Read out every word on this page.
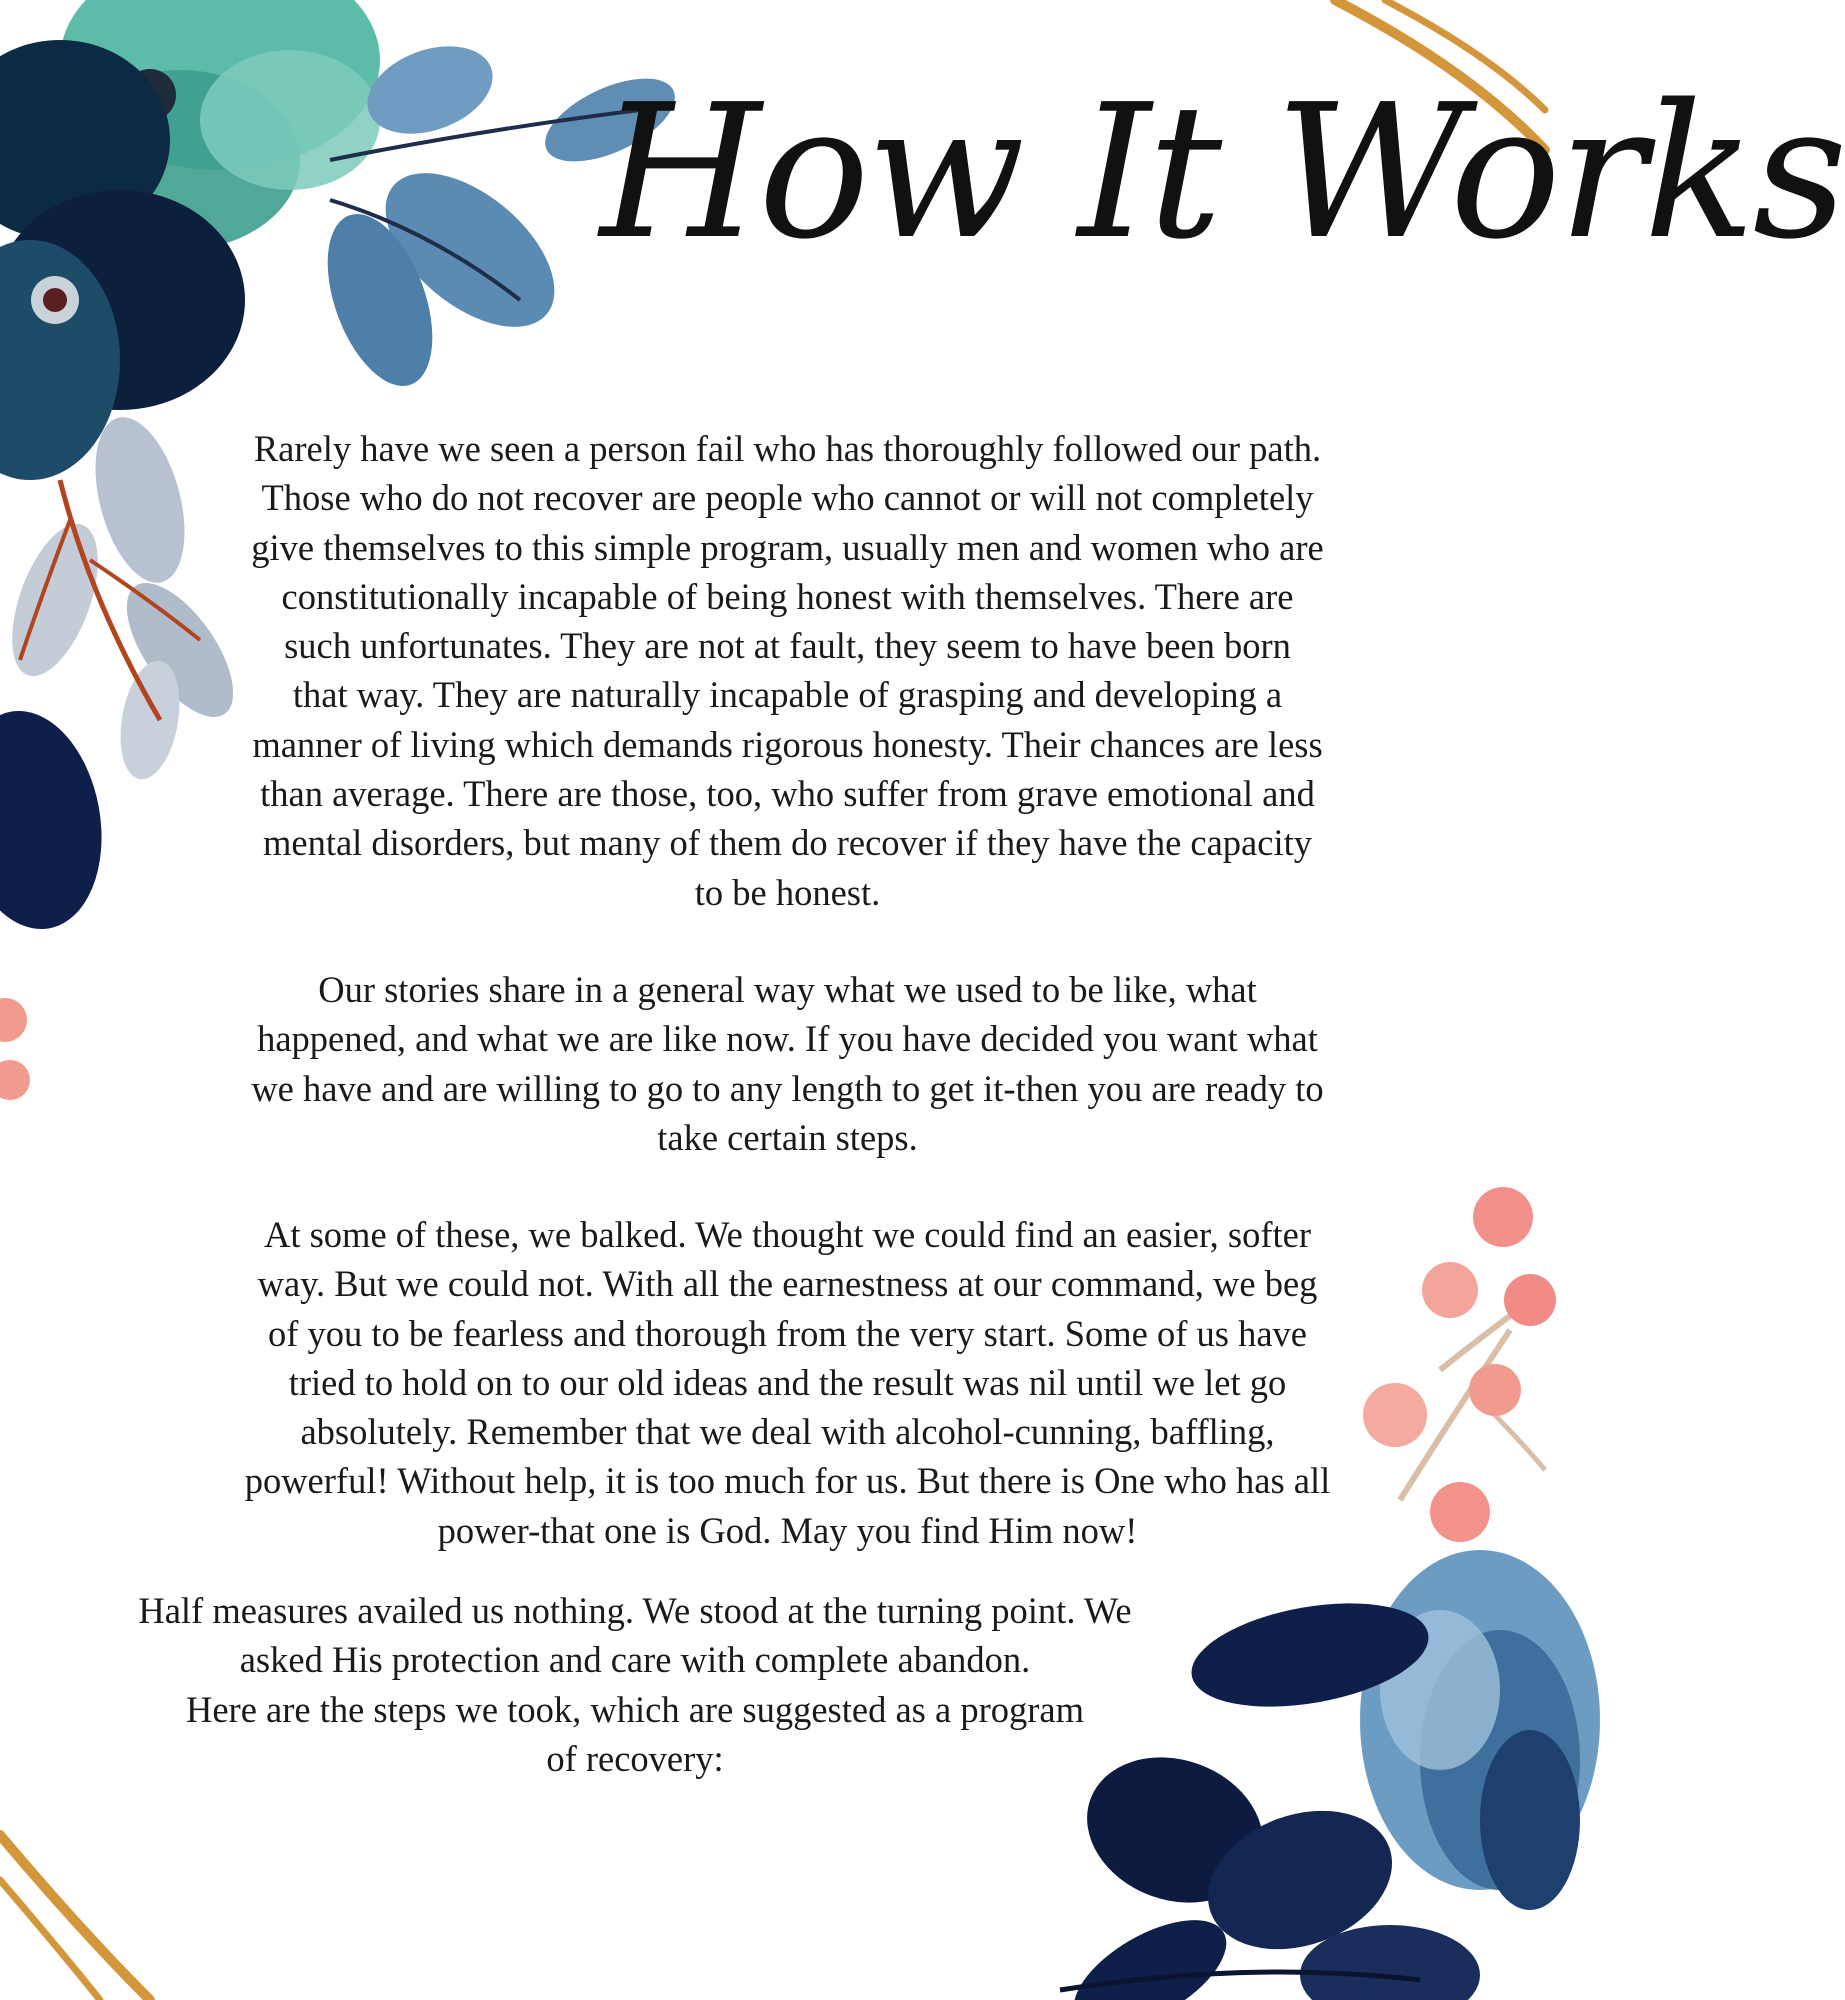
How It Works

Rarely have we seen a person fail who has thoroughly followed our path.
Those who do not recover are people who cannot or will not completely
give themselves to this simple program, usually men and women who are
constitutionally incapable of being honest with themselves. There are
such unfortunates. They are not at fault, they seem to have been born
that way. They are naturally incapable of grasping and developing a
manner of living which demands rigorous honesty. Their chances are less
than average. There are those, too, who suffer from grave emotional and
mental disorders, but many of them do recover if they have the capacity
to be honest.

Our stories share in a general way what we used to be like, what
happened, and what we are like now. If you have decided you want what
we have and are willing to go to any length to get it-then you are ready to
take certain steps.

At some of these, we balked. We thought we could find an easier, softer
way. But we could not. With all the earnestness at our command, we beg
of you to be fearless and thorough from the very start. Some of us have
tried to hold on to our old ideas and the result was nil until we let go
absolutely. Remember that we deal with alcohol-cunning, baffling,
powerful! Without help, it is too much for us. But there is One who has all
power-that one is God. May you find Him now!

Half measures availed us nothing. We stood at the turning point. We
asked His protection and care with complete abandon.
Here are the steps we took, which are suggested as a program
of recovery:
